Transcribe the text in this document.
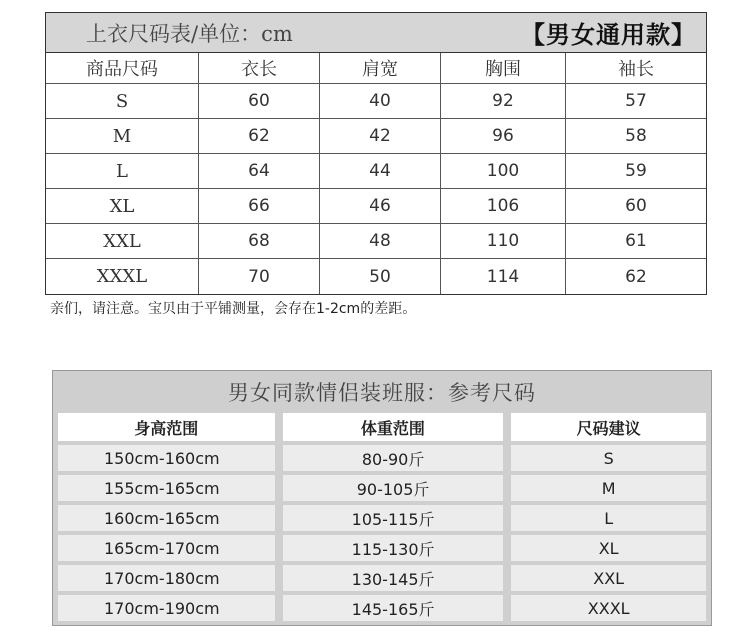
上衣尺码表/单位：cm	【男女通用款】
商品尺码	衣长	肩宽	胸围	袖长
S	60	40	92	57
M	62	42	96	58
L	64	44	100	59
XL	66	46	106	60
XXL	68	48	110	61
XXXL	70	50	114	62
亲们，请注意。宝贝由于平铺测量，会存在1-2cm的差距。
男女同款情侣装班服：参考尺码
身高范围	体重范围	尺码建议
150cm-160cm	80-90斤	S
155cm-165cm	90-105斤	M
160cm-165cm	105-115斤	L
165cm-170cm	115-130斤	XL
170cm-180cm	130-145斤	XXL
170cm-190cm	145-165斤	XXXL
